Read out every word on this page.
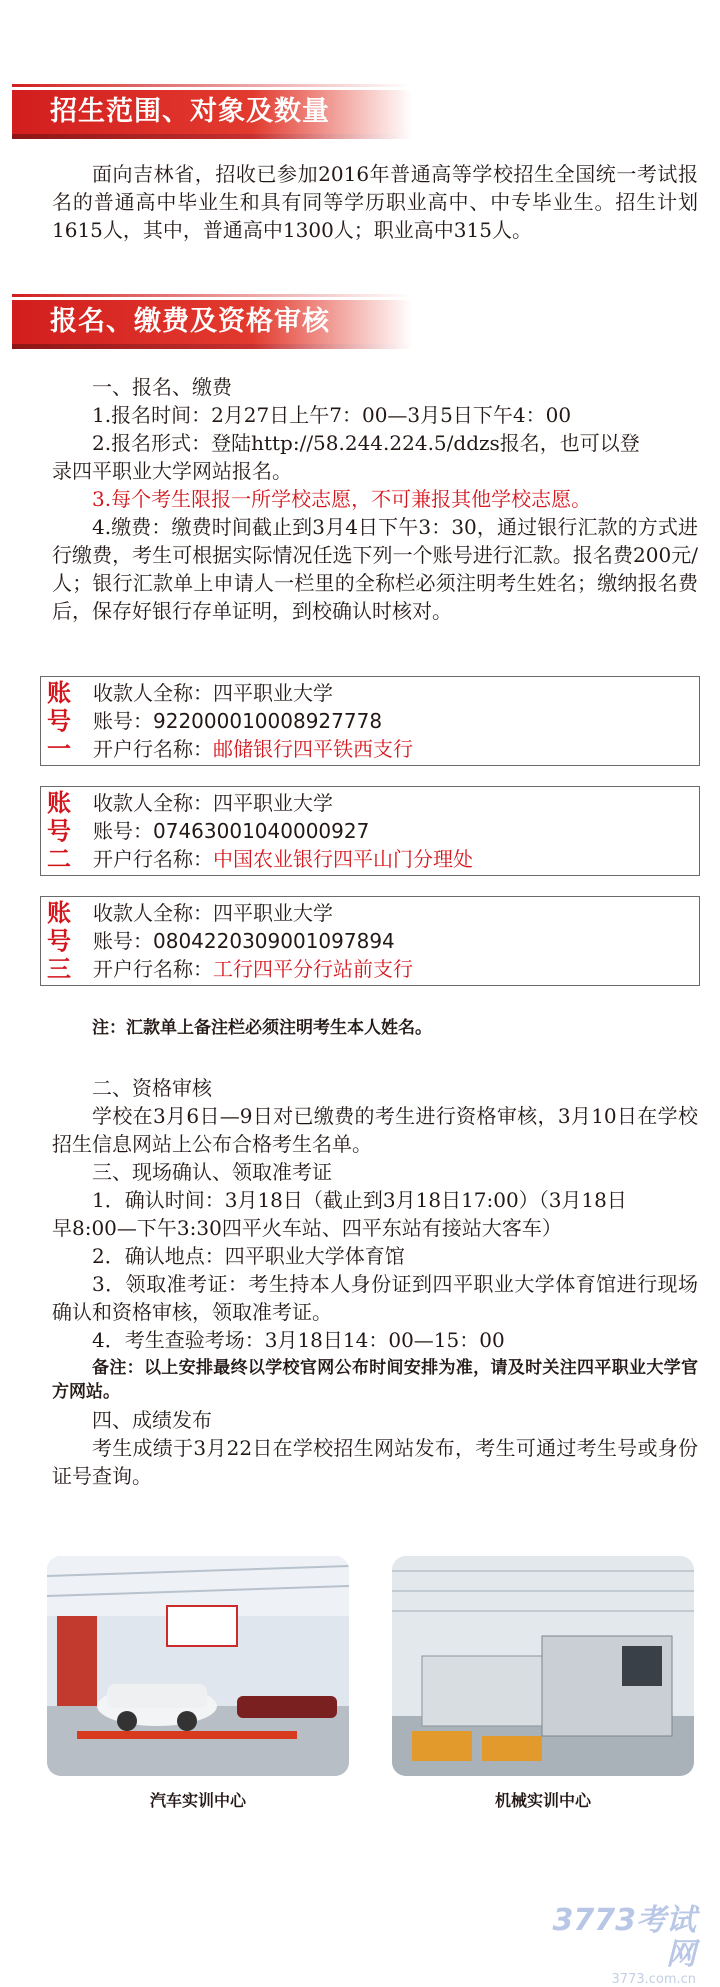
招生范围、对象及数量

面向吉林省，招收已参加2016年普通高等学校招生全国统一考试报名的普通高中毕业生和具有同等学历职业高中、中专毕业生。招生计划1615人，其中，普通高中1300人；职业高中315人。

报名、缴费及资格审核
一、报名、缴费
1.报名时间：2月27日上午7：00—3月5日下午4：00
2.报名形式：登陆http://58.244.224.5/ddzs报名，也可以登
录四平职业大学网站报名。
3.每个考生限报一所学校志愿，不可兼报其他学校志愿。

4.缴费：缴费时间截止到3月4日下午3：30，通过银行汇款的方式进行缴费，考生可根据实际情况任选下列一个账号进行汇款。报名费200元/人；银行汇款单上申请人一栏里的全称栏必须注明考生姓名；缴纳报名费后，保存好银行存单证明，到校确认时核对。

账
号
一
收款人全称：四平职业大学
账号：922000010008927778
开户行名称：邮储银行四平铁西支行
账
号
二
收款人全称：四平职业大学
账号：07463001040000927
开户行名称：中国农业银行四平山门分理处
账
号
三
收款人全称：四平职业大学
账号：0804220309001097894
开户行名称：工行四平分行站前支行
注：汇款单上备注栏必须注明考生本人姓名。
二、资格审核

学校在3月6日—9日对已缴费的考生进行资格审核，3月10日在学校招生信息网站上公布合格考生名单。

三、现场确认、领取准考证
1．确认时间：3月18日（截止到3月18日17:00）（3月18日
早8:00—下午3:30四平火车站、四平东站有接站大客车）
2．确认地点：四平职业大学体育馆

3．领取准考证：考生持本人身份证到四平职业大学体育馆进行现场确认和资格审核，领取准考证。

4．考生查验考场：3月18日14：00—15：00

备注：以上安排最终以学校官网公布时间安排为准，请及时关注四平职业大学官方网站。

四、成绩发布

考生成绩于3月22日在学校招生网站发布，考生可通过考生号或身份证号查询。

汽车实训中心	机械实训中心
3773考试网
3773.com.cn
